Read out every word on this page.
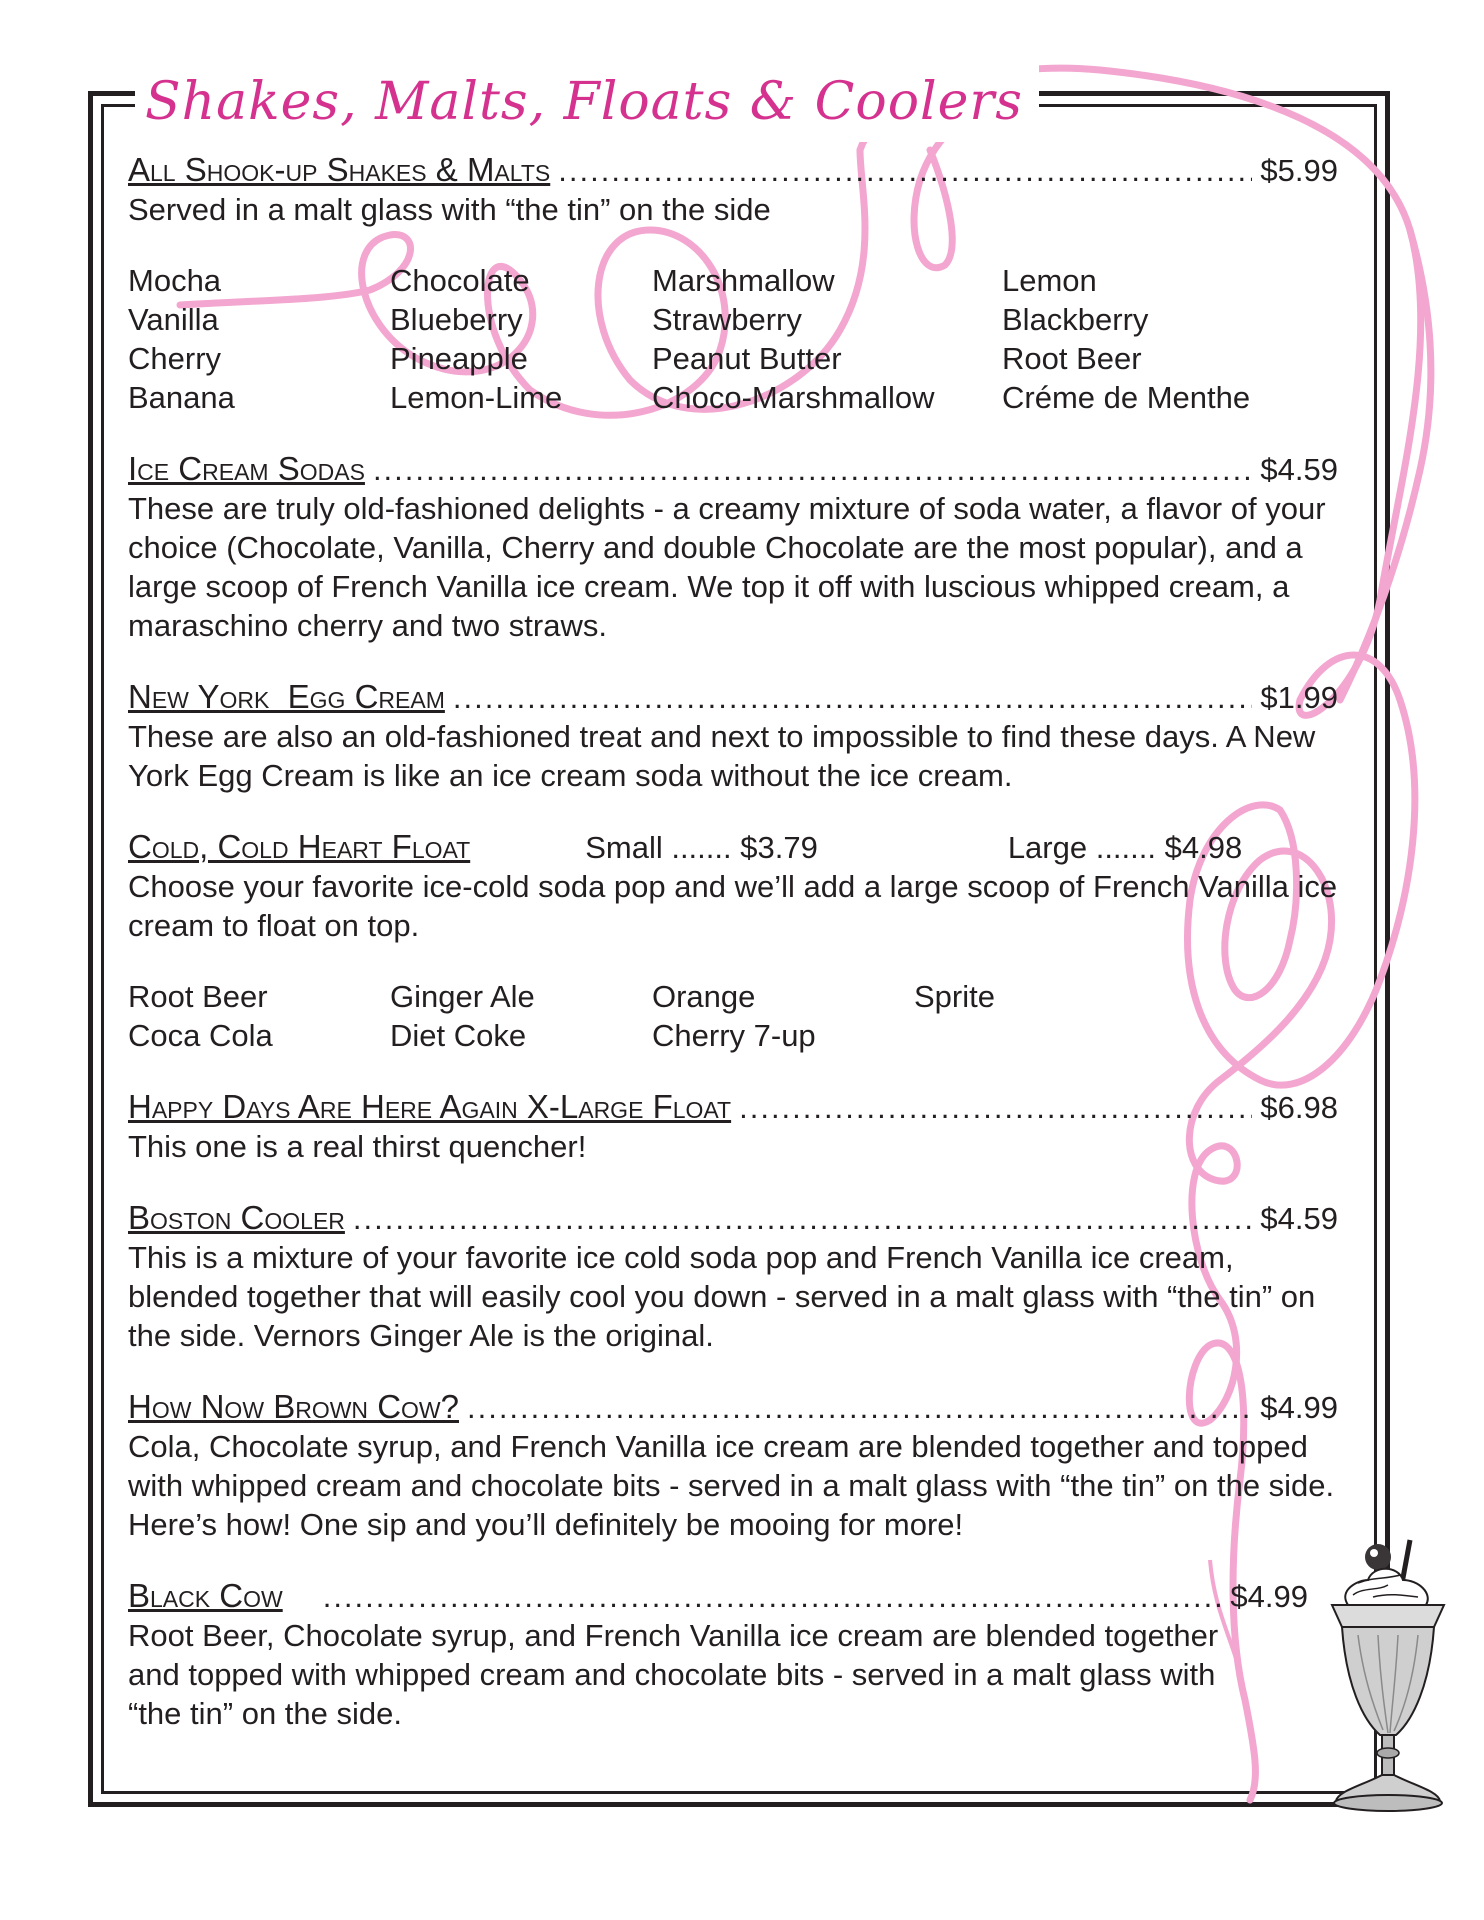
Shakes, Malts, Floats & Coolers
All Shook-up Shakes & Malts .....	$5.99
Served in a malt glass with “the tin” on the side
Mocha	Chocolate	Marshmallow	Lemon
Vanilla	Blueberry	Strawberry	Blackberry
Cherry	Pineapple	Peanut Butter	Root Beer
Banana	Lemon-Lime	Choco-Marshmallow	Créme de Menthe
Ice Cream Sodas .....	$4.59
These are truly old-fashioned delights - a creamy mixture of soda water, a flavor of your choice (Chocolate, Vanilla, Cherry and double Chocolate are the most popular), and a large scoop of French Vanilla ice cream. We top it off with luscious whipped cream, a maraschino cherry and two straws.
New York  Egg Cream .....	$1.99
These are also an old-fashioned treat and next to impossible to find these days. A New York Egg Cream is like an ice cream soda without the ice cream.
Cold, Cold Heart Float	Small ....... $3.79	Large ....... $4.98
Choose your favorite ice-cold soda pop and we’ll add a large scoop of French Vanilla ice cream to float on top.
Root Beer	Ginger Ale	Orange	Sprite
Coca Cola	Diet Coke	Cherry 7-up
Happy Days Are Here Again X-Large Float .....	$6.98
This one is a real thirst quencher!
Boston Cooler .....	$4.59
This is a mixture of your favorite ice cold soda pop and French Vanilla ice cream, blended together that will easily cool you down - served in a malt glass with “the tin” on the side. Vernors Ginger Ale is the original.
How Now Brown Cow? .....	$4.99
Cola, Chocolate syrup, and French Vanilla ice cream are blended together and topped with whipped cream and chocolate bits - served in a malt glass with “the tin” on the side. Here’s how! One sip and you’ll definitely be mooing for more!
Black Cow .....	$4.99
Root Beer, Chocolate syrup, and French Vanilla ice cream are blended together and topped with whipped cream and chocolate bits - served in a malt glass with “the tin” on the side.
